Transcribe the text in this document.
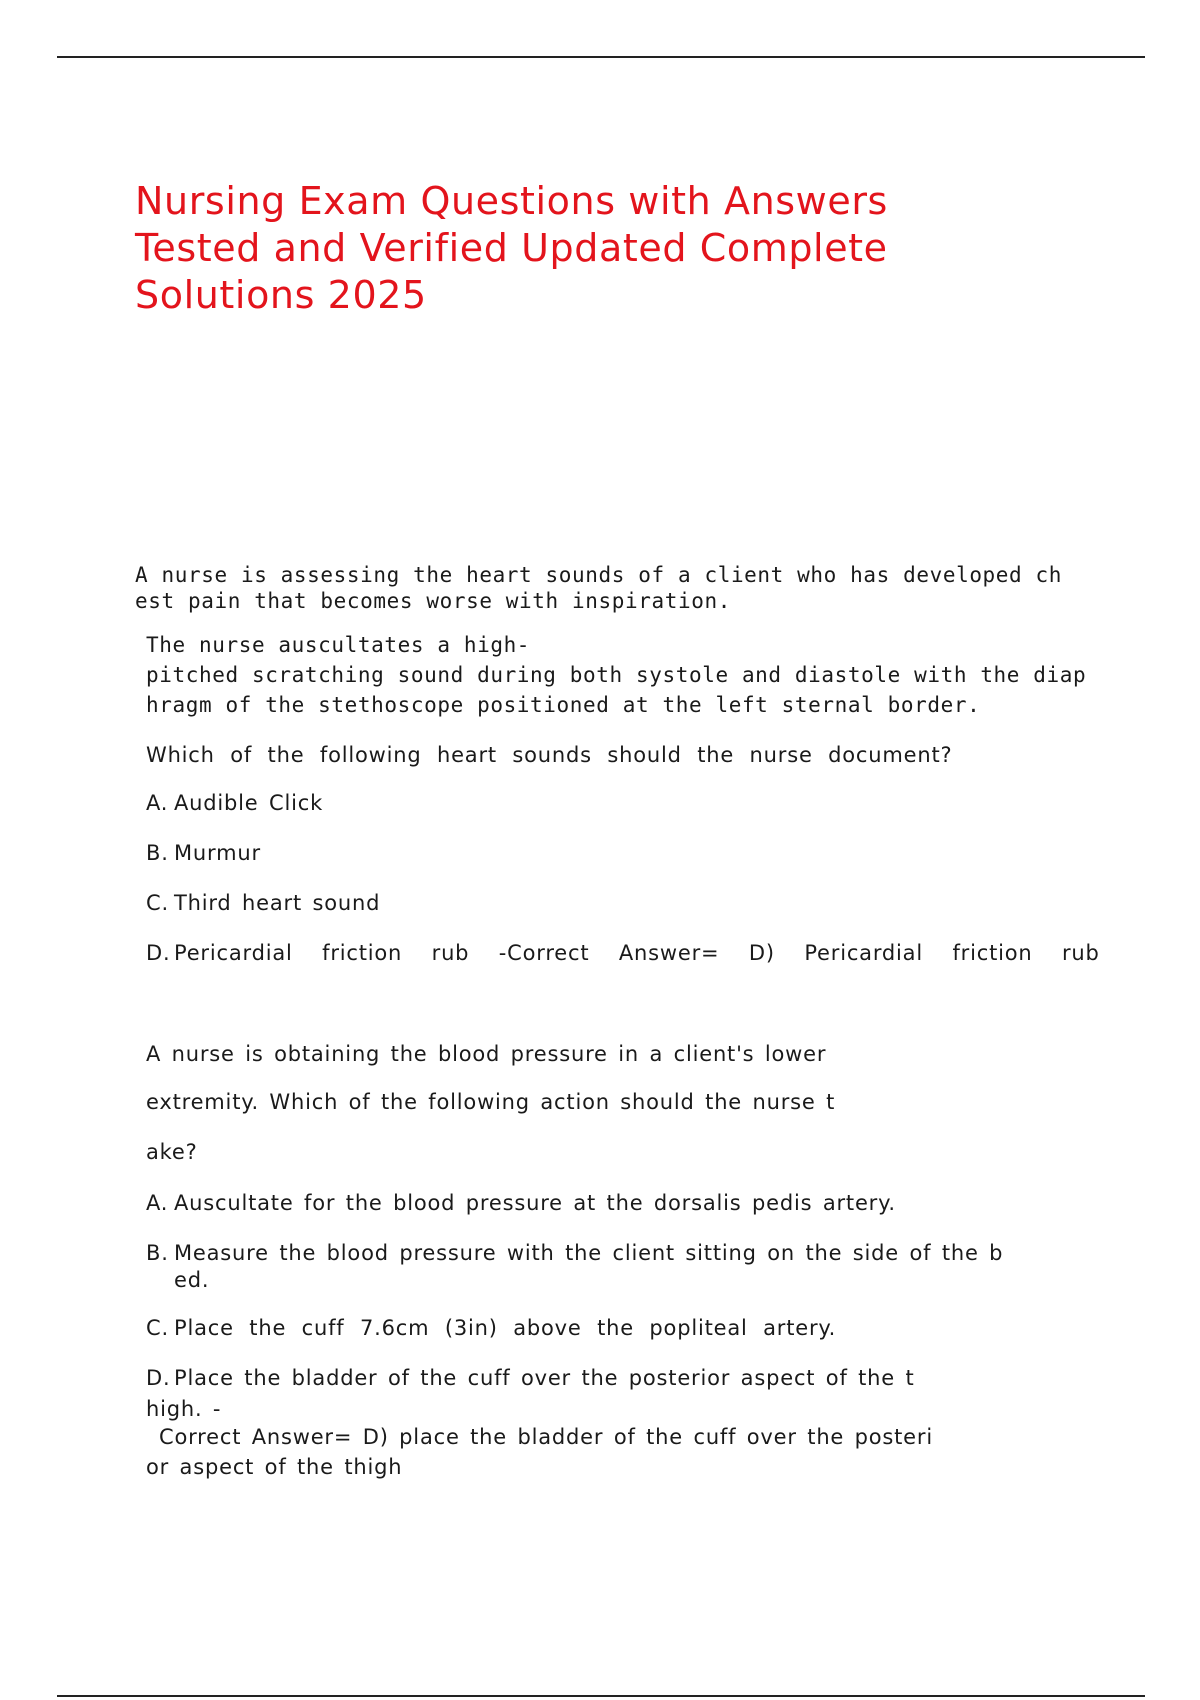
Nursing Exam Questions with Answers
Tested and Verified Updated Complete
Solutions 2025
A nurse is assessing the heart sounds of a client who has developed ch
est pain that becomes worse with inspiration.
The nurse auscultates a high-
pitched scratching sound during both systole and diastole with the diap
hragm of the stethoscope positioned at the left sternal border.
Which of the following heart sounds should the nurse document?
A. Audible Click
B. Murmur
C. Third heart sound
D. Pericardial friction rub -Correct Answer= D) Pericardial friction rub
A nurse is obtaining the blood pressure in a client's lower
extremity. Which of the following action should the nurse t
ake?
A. Auscultate for the blood pressure at the dorsalis pedis artery.
B. Measure the blood pressure with the client sitting on the side of the b
ed.
C. Place the cuff 7.6cm (3in) above the popliteal artery.
D. Place the bladder of the cuff over the posterior aspect of the t
high. -
Correct Answer= D) place the bladder of the cuff over the posteri
or aspect of the thigh
